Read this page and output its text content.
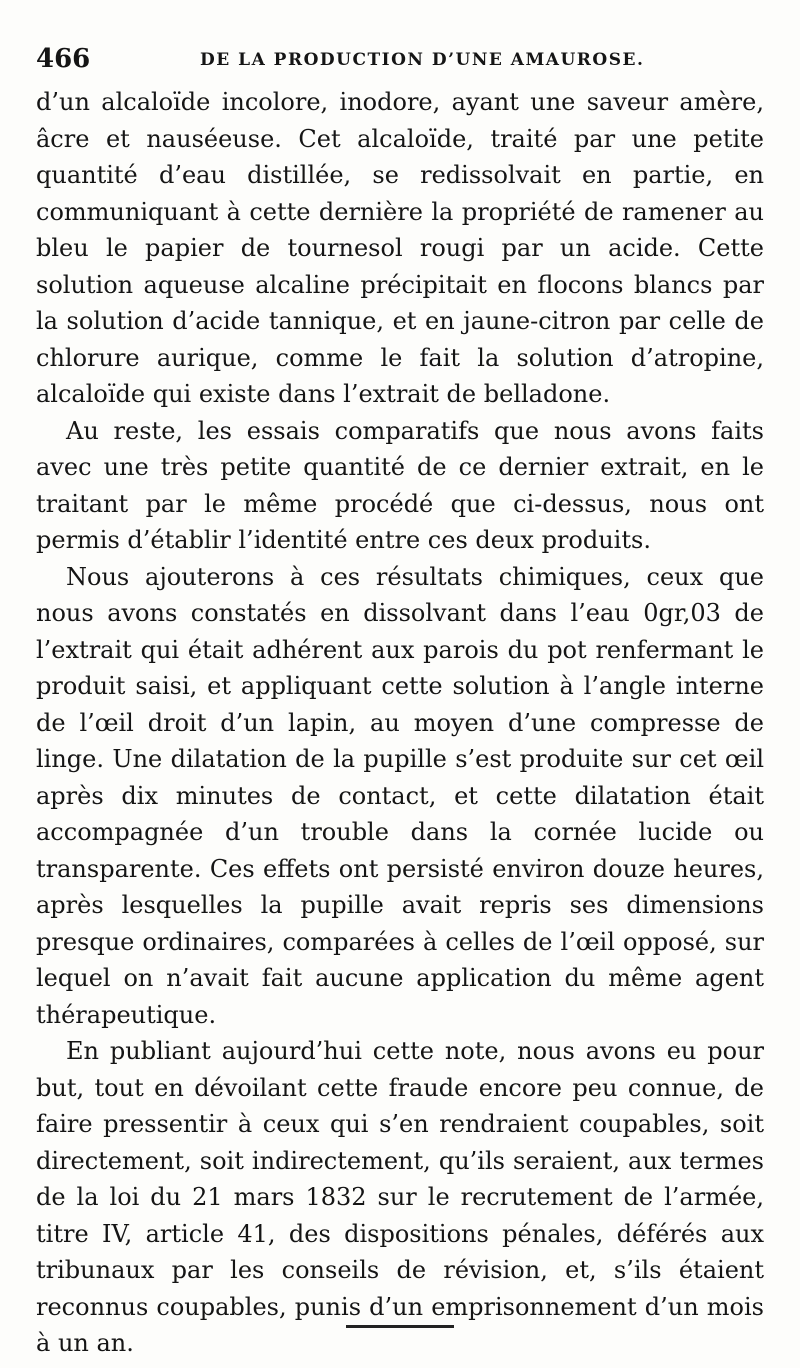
466	DE LA PRODUCTION D’UNE AMAUROSE.

d’un alcaloïde incolore, inodore, ayant une saveur amère, âcre et nauséeuse. Cet alcaloïde, traité par une petite quantité d’eau distillée, se redissolvait en partie, en communiquant à cette dernière la propriété de ramener au bleu le papier de tournesol rougi par un acide. Cette solution aqueuse alcaline précipitait en flocons blancs par la solution d’acide tannique, et en jaune-citron par celle de chlorure aurique, comme le fait la solution d’atropine, alcaloïde qui existe dans l’extrait de belladone.

Au reste, les essais comparatifs que nous avons faits avec une très petite quantité de ce dernier extrait, en le traitant par le même procédé que ci-dessus, nous ont permis d’établir l’identité entre ces deux produits.

Nous ajouterons à ces résultats chimiques, ceux que nous avons constatés en dissolvant dans l’eau 0gr,03 de l’extrait qui était adhérent aux parois du pot renfermant le produit saisi, et appliquant cette solution à l’angle interne de l’œil droit d’un lapin, au moyen d’une compresse de linge. Une dilatation de la pupille s’est produite sur cet œil après dix minutes de contact, et cette dilatation était accompagnée d’un trouble dans la cornée lucide ou transparente. Ces effets ont persisté environ douze heures, après lesquelles la pupille avait repris ses dimensions presque ordinaires, comparées à celles de l’œil opposé, sur lequel on n’avait fait aucune application du même agent thérapeutique.

En publiant aujourd’hui cette note, nous avons eu pour but, tout en dévoilant cette fraude encore peu connue, de faire pressentir à ceux qui s’en rendraient coupables, soit directement, soit indirectement, qu’ils seraient, aux termes de la loi du 21 mars 1832 sur le recrutement de l’armée, titre IV, article 41, des dispositions pénales, déférés aux tribunaux par les conseils de révision, et, s’ils étaient reconnus coupables, punis d’un emprisonnement d’un mois à un an.
